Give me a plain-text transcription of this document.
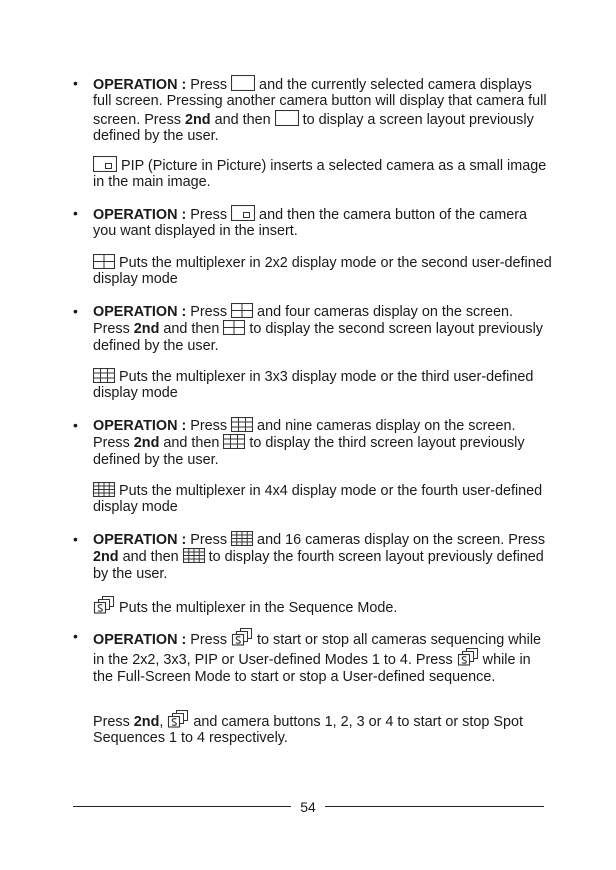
• OPERATION : Press
and the currently selected camera displays full screen. Pressing another camera button will display that camera full screen. Press 2nd and then
to display a screen layout previously defined by the user.

PIP (Picture in Picture) inserts a selected camera as a small image in the main image.

• OPERATION : Press
and then the camera button of the camera you want displayed in the insert.

Puts the multiplexer in 2x2 display mode or the second user-defined display mode

• OPERATION : Press
and four cameras display on the screen. Press 2nd and then
to display the second screen layout previously defined by the user.

Puts the multiplexer in 3x3 display mode or the third user-defined display mode

• OPERATION : Press
and nine cameras display on the screen. Press 2nd and then
to display the third screen layout previously defined by the user.

Puts the multiplexer in 4x4 display mode or the fourth user-defined display mode

• OPERATION : Press
and 16 cameras display on the screen. Press 2nd and then
to display the fourth screen layout previously defined by the user.

Puts the multiplexer in the Sequence Mode.

• OPERATION : Press
to start or stop all cameras sequencing while in the 2x2, 3x3, PIP or User-defined Modes 1 to 4. Press
while in the Full-Screen Mode to start or stop a User-defined sequence.

Press 2nd,
and camera buttons 1, 2, 3 or 4 to start or stop Spot Sequences 1 to 4 respectively.

54
